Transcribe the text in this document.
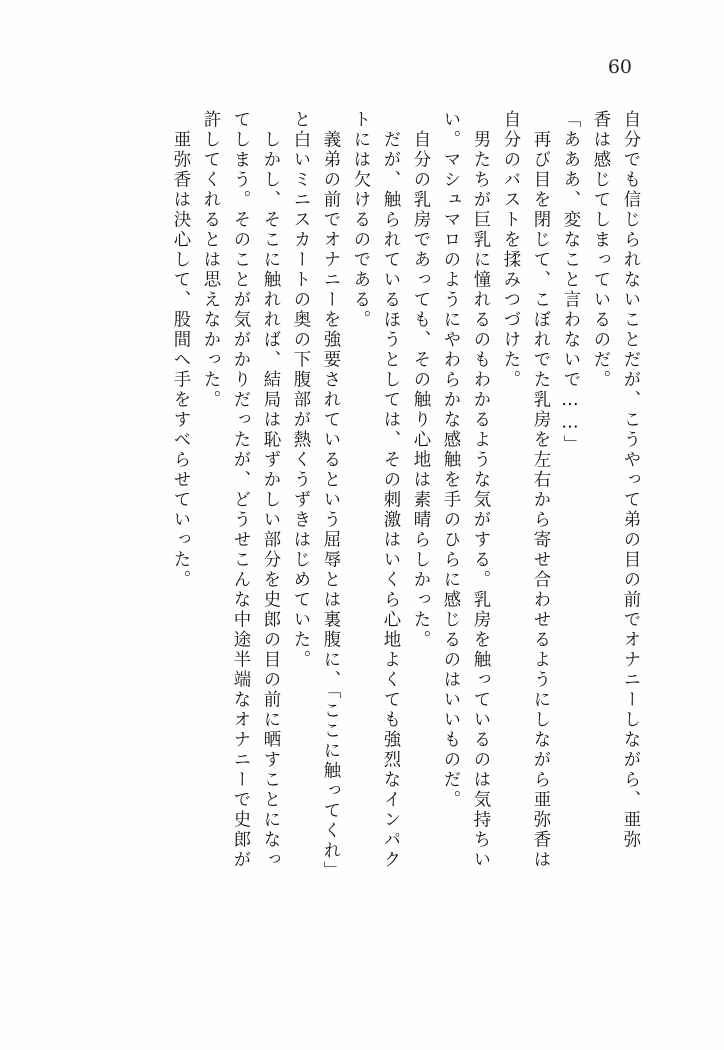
60
自分でも信じられないことだが、こうやって弟の目の前でオナニーしながら、亜弥
香は感じてしまっているのだ。
「あああ、変なこと言わないで……」
　再び目を閉じて、こぼれでた乳房を左右から寄せ合わせるようにしながら亜弥香は
自分のバストを揉みつづけた。
　男たちが巨乳に憧れるのもわかるような気がする。乳房を触っているのは気持ちい
い。マシュマロのようにやわらかな感触を手のひらに感じるのはいいものだ。
　自分の乳房であっても、その触り心地は素晴らしかった。
　だが、触られているほうとしては、その刺激はいくら心地よくても強烈なインパク
トには欠けるのである。
　義弟の前でオナニーを強要されているという屈辱とは裏腹に、「ここに触ってくれ」
と白いミニスカートの奥の下腹部が熱くうずきはじめていた。
　しかし、そこに触れれば、結局は恥ずかしい部分を史郎の目の前に晒すことになっ
てしまう。そのことが気がかりだったが、どうせこんな中途半端なオナニーで史郎が
許してくれるとは思えなかった。
　亜弥香は決心して、股間へ手をすべらせていった。
